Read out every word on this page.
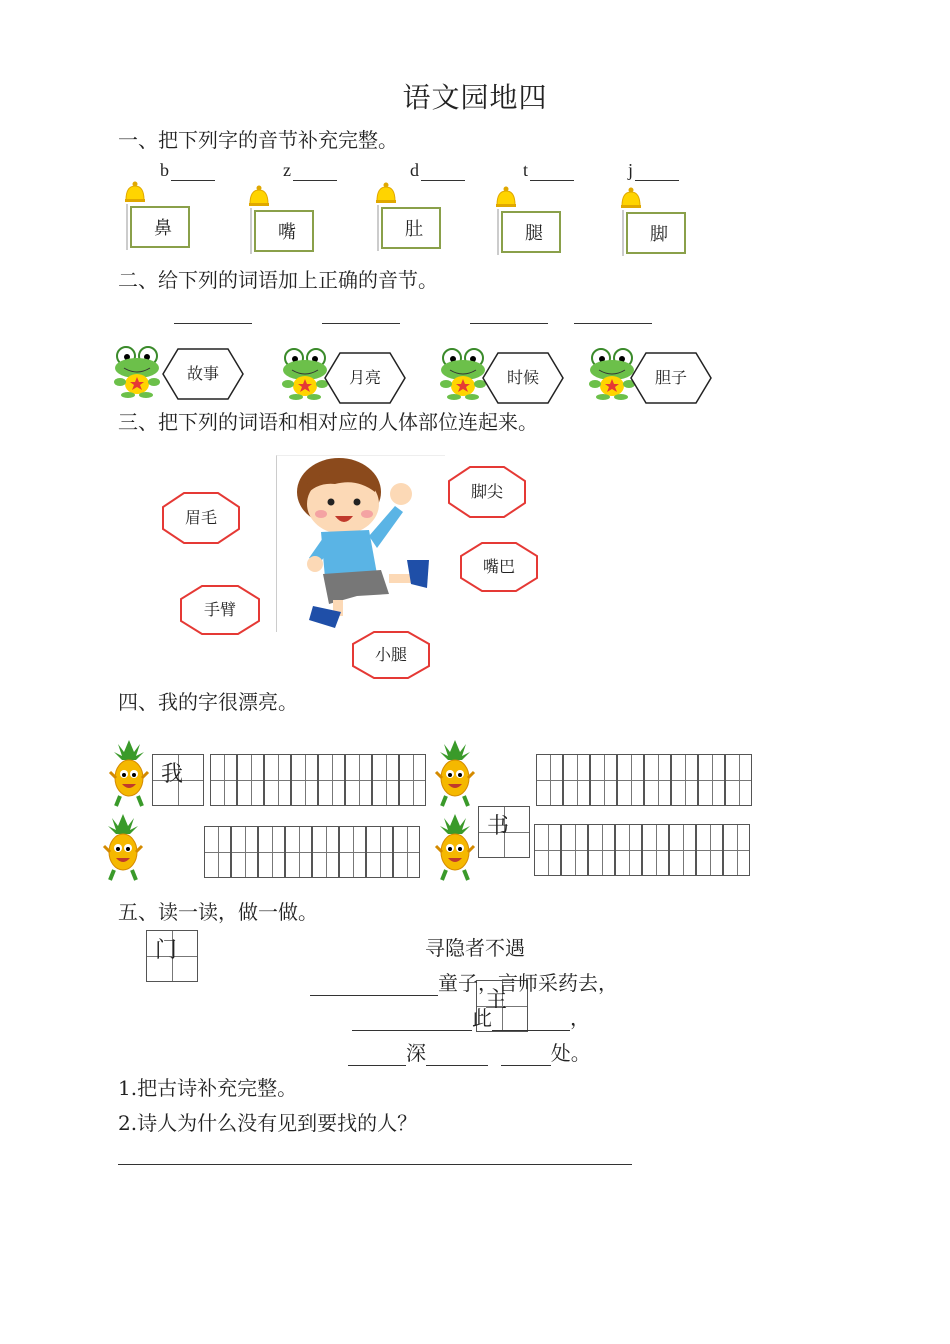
语文园地四
一、把下列字的音节补充完整。
b
鼻
z
嘴
d
肚
t
腿
j
脚
二、给下列的词语加上正确的音节。
故事	月亮	时候	胆子
三、把下列的词语和相对应的人体部位连起来。
眉毛
手臂
脚尖
嘴巴
小腿
四、我的字很漂亮。
我
书
门
主
五、读一读，做一做。
寻隐者不遇
童子，言师采药去，
此	，
深	处。
1.把古诗补充完整。
2.诗人为什么没有见到要找的人？
